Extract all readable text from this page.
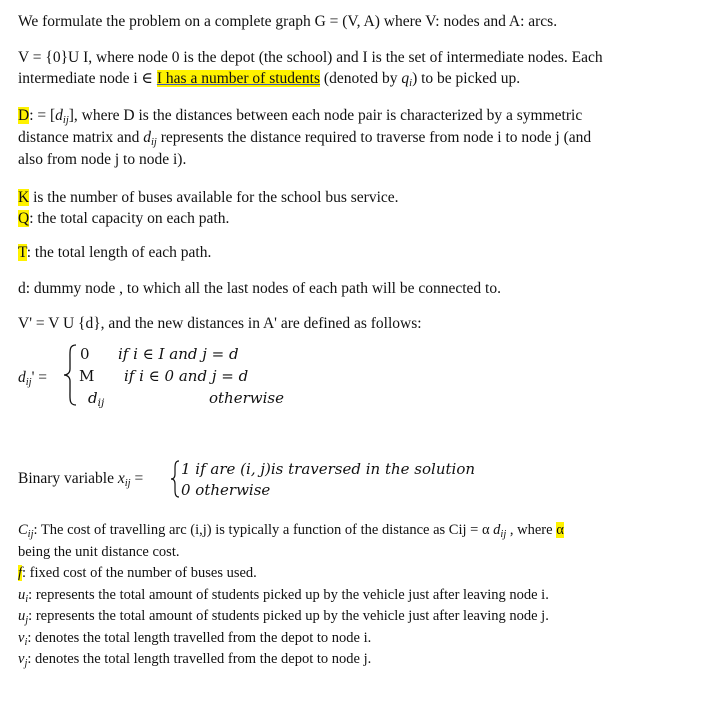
We formulate the problem on a complete graph G = (V, A) where V: nodes and A: arcs.
V = {0}U I, where node 0 is the depot (the school) and I is the set of intermediate nodes. Each
intermediate node i ∈ I has a number of students (denoted by $q_i$) to be picked up.
D: = $[d_{ij}]$, where D is the distances between each node pair is characterized by a symmetric
distance matrix and $d_{ij}$ represents the distance required to traverse from node i to node j (and
also from node j to node i).
K is the number of buses available for the school bus service.
Q: the total capacity on each path.
T: the total length of each path.
d: dummy node , to which all the last nodes of each path will be connected to.
V' = V U {d}, and the new distances in A' are defined as follows:
$d_{ij}'$ =
0 if i ∈ I and j = d
M if i ∈ 0 and j = d
$d_{ij}$	otherwise
Binary variable $x_{ij}$ =
1 if are (i, j)is traversed in the solution
0 otherwise
$C_{ij}$: The cost of travelling arc (i,j) is typically a function of the distance as Cij = α $d_{ij}$ , where α
being the unit distance cost.
f: fixed cost of the number of buses used.
$u_i$: represents the total amount of students picked up by the vehicle just after leaving node i.
$u_j$: represents the total amount of students picked up by the vehicle just after leaving node j.
$v_i$: denotes the total length travelled from the depot to node i.
$v_j$: denotes the total length travelled from the depot to node j.
